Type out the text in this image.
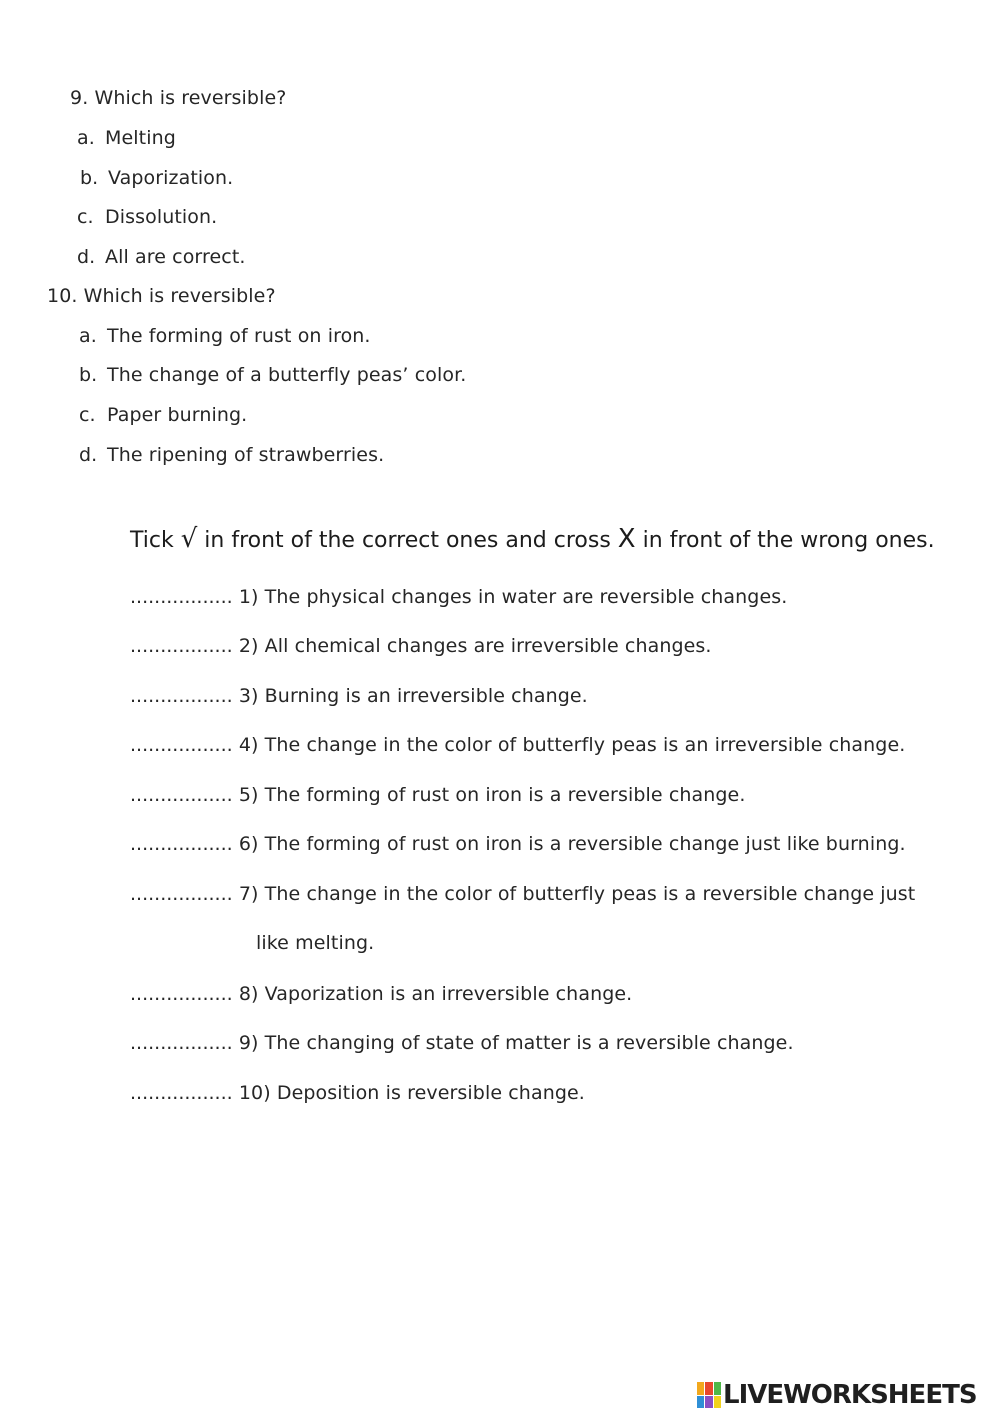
9. Which is reversible?
a. Melting
b. Vaporization.
c. Dissolution.
d. All are correct.
10. Which is reversible?
a. The forming of rust on iron.
b. The change of a butterfly peas’ color.
c. Paper burning.
d. The ripening of strawberries.
Tick √ in front of the correct ones and cross X in front of the wrong ones.
................. 1) The physical changes in water are reversible changes.
................. 2) All chemical changes are irreversible changes.
................. 3) Burning is an irreversible change.
................. 4) The change in the color of butterfly peas is an irreversible change.
................. 5) The forming of rust on iron is a reversible change.
................. 6) The forming of rust on iron is a reversible change just like burning.
................. 7) The change in the color of butterfly peas is a reversible change just
like melting.
................. 8) Vaporization is an irreversible change.
................. 9) The changing of state of matter is a reversible change.
................. 10) Deposition is reversible change.
LIVEWORKSHEETS
